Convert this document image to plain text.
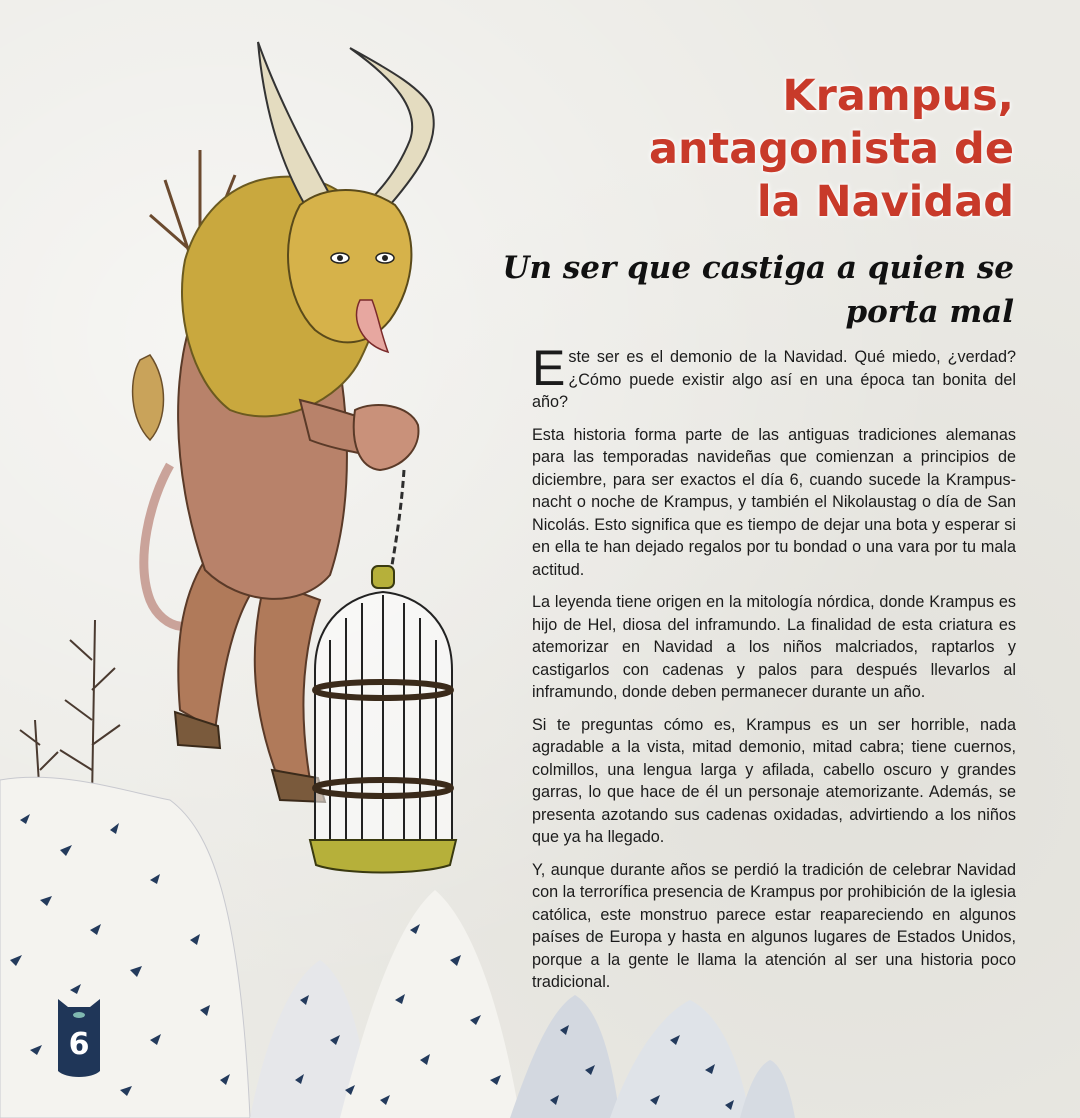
Krampus,
antagonista de
la Navidad
Un ser que castiga a quien se
porta mal

Este ser es el demonio de la Navidad. Qué miedo, ¿verdad? ¿Cómo puede existir algo así en una época tan bonita del año?

Esta historia forma parte de las antiguas tradiciones alemanas para las temporadas navideñas que comienzan a principios de diciembre, para ser exactos el día 6, cuando sucede la Krampus-nacht o noche de Krampus, y también el Nikolaustag o día de San Nicolás. Esto significa que es tiempo de dejar una bota y esperar si en ella te han dejado regalos por tu bondad o una vara por tu mala actitud.

La leyenda tiene origen en la mitología nórdica, donde Krampus es hijo de Hel, diosa del inframundo. La finalidad de esta criatura es atemorizar en Navidad a los niños malcriados, raptarlos y castigarlos con cadenas y palos para después llevarlos al inframundo, donde deben permanecer durante un año.

Si te preguntas cómo es, Krampus es un ser horrible, nada agradable a la vista, mitad demonio, mitad cabra; tiene cuernos, colmillos, una lengua larga y afilada, cabello oscuro y grandes garras, lo que hace de él un personaje atemorizante. Además, se presenta azotando sus cadenas oxidadas, advirtiendo a los niños que ya ha llegado.

Y, aunque durante años se perdió la tradición de celebrar Navidad con la terrorífica presencia de Krampus por prohibición de la iglesia católica, este monstruo parece estar reapareciendo en algunos países de Europa y hasta en algunos lugares de Estados Unidos, porque a la gente le llama la atención al ser una historia poco tradicional.

6
